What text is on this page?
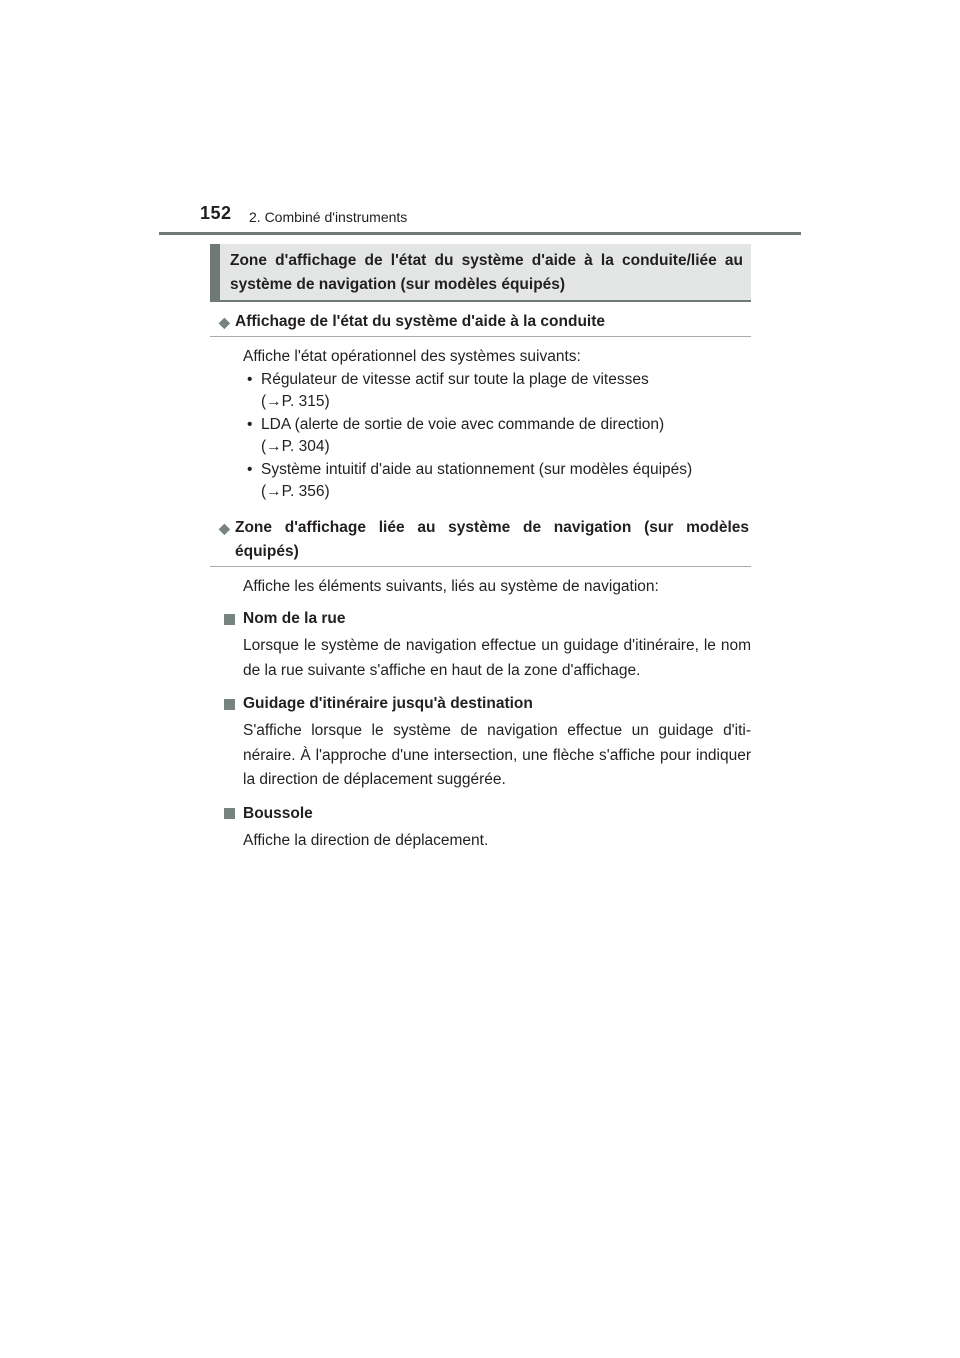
152 2. Combiné d'instruments
Zone d'affichage de l'état du système d'aide à la conduite/liée au système de navigation (sur modèles équipés)
◆ Affichage de l'état du système d'aide à la conduite
Affiche l'état opérationnel des systèmes suivants:
• Régulateur de vitesse actif sur toute la plage de vitesses
(→P. 315)
• LDA (alerte de sortie de voie avec commande de direction)
(→P. 304)
• Système intuitif d'aide au stationnement (sur modèles équipés)
(→P. 356)
◆ Zone d'affichage liée au système de navigation (sur modèles équipés)
Affiche les éléments suivants, liés au système de navigation:
Nom de la rue
Lorsque le système de navigation effectue un guidage d'itinéraire, le nom de la rue suivante s'affiche en haut de la zone d'affichage.
Guidage d'itinéraire jusqu'à destination
S'affiche lorsque le système de navigation effectue un guidage d'iti-néraire. À l'approche d'une intersection, une flèche s'affiche pour indiquer la direction de déplacement suggérée.
Boussole
Affiche la direction de déplacement.
